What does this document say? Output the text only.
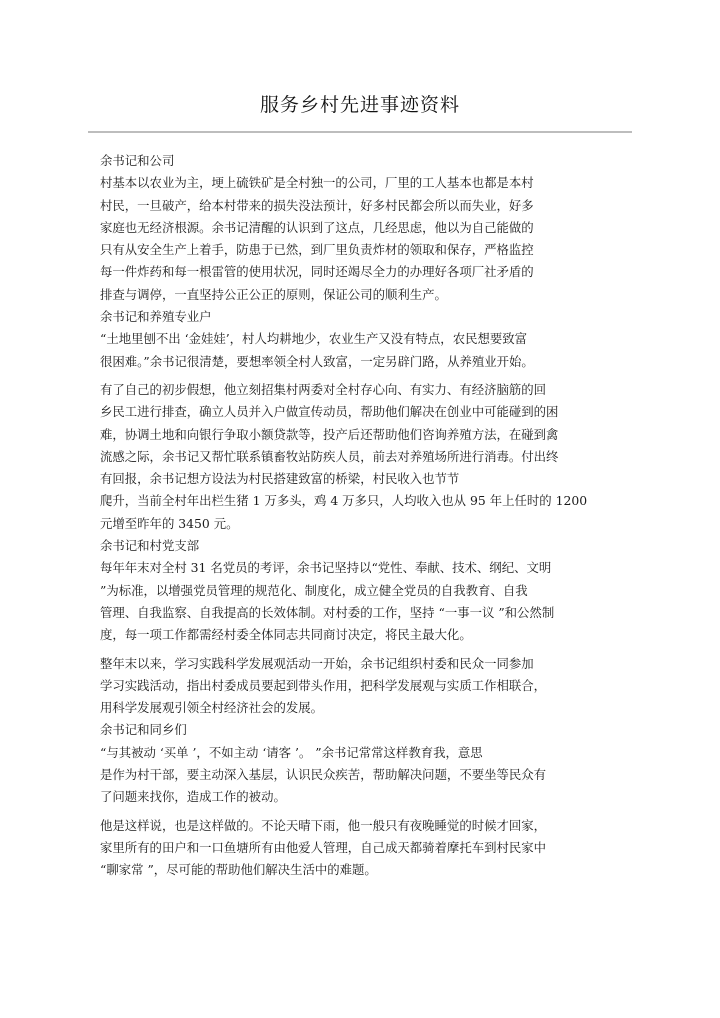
服务乡村先进事迹资料
余书记和公司
村基本以农业为主，埂上硫铁矿是全村独一的公司，厂里的工人基本也都是本村
村民，一旦破产，给本村带来的损失没法预计，好多村民都会所以而失业，好多
家庭也无经济根源。余书记清醒的认识到了这点，几经思虑，他以为自己能做的
只有从安全生产上着手，防患于已然，到厂里负责炸材的领取和保存，严格监控
每一件炸药和每一根雷管的使用状况，同时还竭尽全力的办理好各项厂社矛盾的
排查与调停，一直坚持公正公正的原则，保证公司的顺利生产。
余书记和养殖专业户
“土地里刨不出 ‘金娃娃’，村人均耕地少，农业生产又没有特点，农民想要致富
很困难。”余书记很清楚，要想率领全村人致富，一定另辟门路，从养殖业开始。
有了自己的初步假想，他立刻招集村两委对全村存心向、有实力、有经济脑筋的回
乡民工进行排查，确立人员并入户做宣传动员，帮助他们解决在创业中可能碰到的困
难，协调土地和向银行争取小额贷款等，投产后还帮助他们咨询养殖方法，在碰到禽
流感之际，余书记又帮忙联系镇畜牧站防疾人员，前去对养殖场所进行消毒。付出终
有回报，余书记想方设法为村民搭建致富的桥梁，村民收入也节节
爬升，当前全村年出栏生猪 1 万多头，鸡 4 万多只，人均收入也从 95 年上任时的 1200
元增至昨年的 3450 元。
余书记和村党支部
每年年末对全村 31 名党员的考评，余书记坚持以“党性、奉献、技术、纲纪、文明
”为标准，以增强党员管理的规范化、制度化，成立健全党员的自我教育、自我
管理、自我监察、自我提高的长效体制。对村委的工作，坚持 “一事一议 ”和公然制
度，每一项工作都需经村委全体同志共同商讨决定，将民主最大化。
整年末以来，学习实践科学发展观活动一开始，余书记组织村委和民众一同参加
学习实践活动，指出村委成员要起到带头作用，把科学发展观与实质工作相联合，
用科学发展观引领全村经济社会的发展。
余书记和同乡们
“与其被动 ‘买单 ’，不如主动 ‘请客 ’。 ”余书记常常这样教育我，意思
是作为村干部，要主动深入基层，认识民众疾苦，帮助解决问题，不要坐等民众有
了问题来找你，造成工作的被动。
他是这样说，也是这样做的。不论天晴下雨，他一般只有夜晚睡觉的时候才回家，
家里所有的田户和一口鱼塘所有由他爱人管理，自己成天都骑着摩托车到村民家中
“聊家常 ”，尽可能的帮助他们解决生活中的难题。
